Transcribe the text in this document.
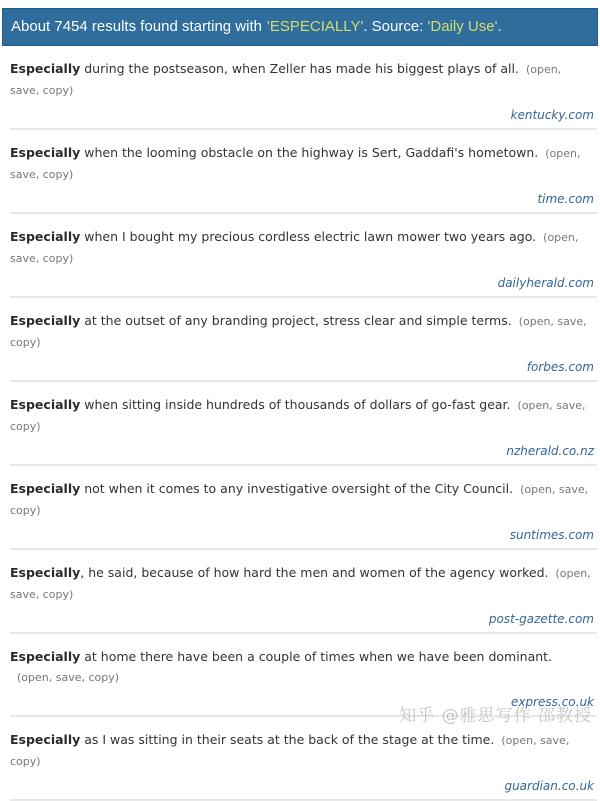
About 7454 results found starting with 'ESPECIALLY'. Source: 'Daily Use'.

Especially during the postseason, when Zeller has made his biggest plays of all. (open, save, copy)

kentucky.com

Especially when the looming obstacle on the highway is Sert, Gaddafi's hometown. (open, save, copy)

time.com

Especially when I bought my precious cordless electric lawn mower two years ago. (open, save, copy)

dailyherald.com

Especially at the outset of any branding project, stress clear and simple terms. (open, save, copy)

forbes.com

Especially when sitting inside hundreds of thousands of dollars of go-fast gear. (open, save, copy)

nzherald.co.nz

Especially not when it comes to any investigative oversight of the City Council. (open, save, copy)

suntimes.com

Especially, he said, because of how hard the men and women of the agency worked. (open, save, copy)

post-gazette.com

Especially at home there have been a couple of times when we have been dominant.(open, save, copy)

express.co.uk

Especially as I was sitting in their seats at the back of the stage at the time. (open, save, copy)

guardian.co.uk
知乎 @雅思写作 邵教授
